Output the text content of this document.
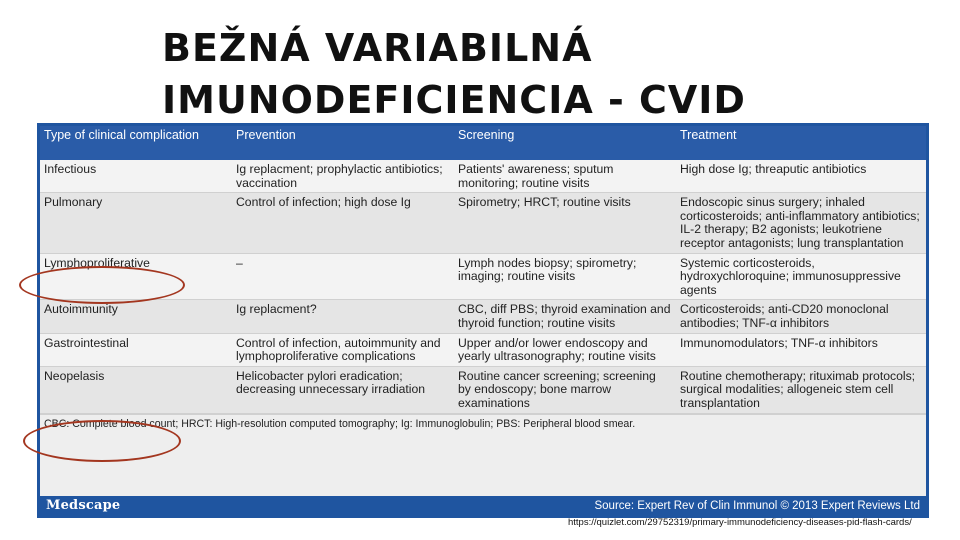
BEŽNÁ VARIABILNÁ
IMUNODEFICIENCIA - CVID
Type of clinical complication	Prevention	Screening	Treatment
Infectious	Ig replacment; prophylactic antibiotics; vaccination	Patients' awareness; sputum monitoring; routine visits	High dose Ig; threaputic antibiotics
Pulmonary	Control of infection; high dose Ig	Spirometry; HRCT; routine visits	Endoscopic sinus surgery; inhaled corticosteroids; anti-inflammatory antibiotics; IL-2 therapy; B2 agonists; leukotriene receptor antagonists; lung transplantation
Lymphoproliferative	–	Lymph nodes biopsy; spirometry; imaging; routine visits	Systemic corticosteroids, hydroxychloroquine; immunosuppressive agents
Autoimmunity	Ig replacment?	CBC, diff PBS; thyroid examination and thyroid function; routine visits	Corticosteroids; anti-CD20 monoclonal antibodies; TNF-α inhibitors
Gastrointestinal	Control of infection, autoimmunity and lymphoproliferative complications	Upper and/or lower endoscopy and yearly ultrasonography; routine visits	Immunomodulators; TNF-α inhibitors
Neopelasis	Helicobacter pylori eradication; decreasing unnecessary irradiation	Routine cancer screening; screening by endoscopy; bone marrow examinations	Routine chemotherapy; rituximab protocols; surgical modalities; allogeneic stem cell transplantation
CBC: Complete blood count; HRCT: High-resolution computed tomography; Ig: Immunoglobulin; PBS: Peripheral blood smear.
Medscape	Source: Expert Rev of Clin Immunol © 2013 Expert Reviews Ltd
https://quizlet.com/29752319/primary-immunodeficiency-diseases-pid-flash-cards/
